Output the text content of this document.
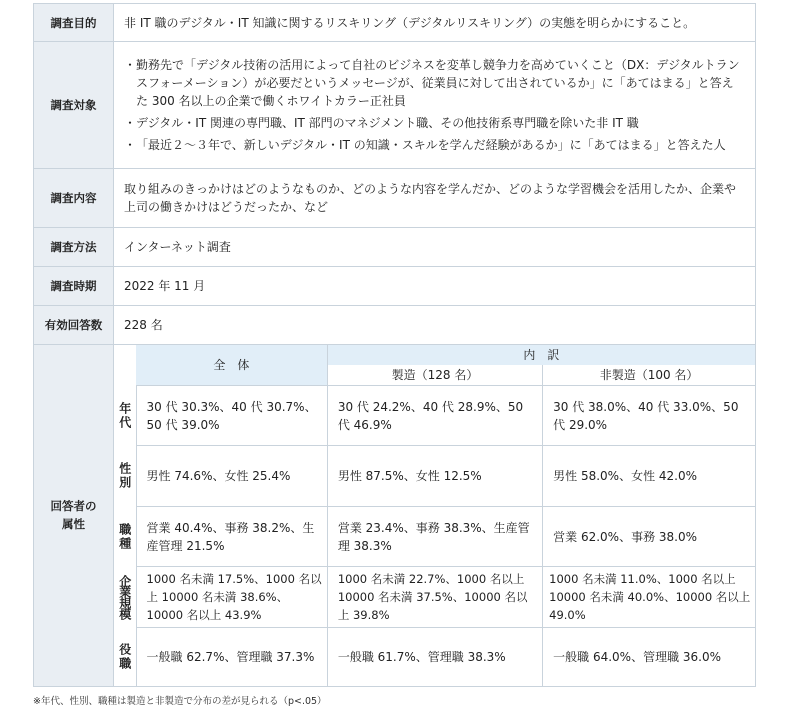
調査目的	非 IT 職のデジタル・IT 知識に関するリスキリング（デジタルリスキリング）の実態を明らかにすること。
調査対象	
・ 勤務先で「デジタル技術の活用によって自社のビジネスを変革し競争力を高めていくこと（DX：デジタルトランスフォーメーション）が必要だというメッセージが、従業員に対して出されているか」に「あてはまる」と答えた 300 名以上の企業で働くホワイトカラー正社員
・ デジタル・IT 関連の専門職、IT 部門のマネジメント職、その他技術系専門職を除いた非 IT 職
・ 「最近２〜３年で、新しいデジタル・IT の知識・スキルを学んだ経験があるか」に「あてはまる」と答えた人

調査内容	取り組みのきっかけはどのようなものか、どのような内容を学んだか、どのような学習機会を活用したか、企業や上司の働きかけはどうだったか、など
調査方法	インターネット調査
調査時期	2022 年 11 月
有効回答数	228 名
回答者の属性	
	全　体	内　訳
製造（128 名）	非製造（100 名）

年代	30 代 30.3%、40 代 30.7%、50 代 39.0%	30 代 24.2%、40 代 28.9%、50 代 46.9%	30 代 38.0%、40 代 33.0%、50 代 29.0%

性別	男性 74.6%、女性 25.4%	男性 87.5%、女性 12.5%	男性 58.0%、女性 42.0%

職種	営業 40.4%、事務 38.2%、生産管理 21.5%	営業 23.4%、事務 38.3%、生産管理 38.3%	営業 62.0%、事務 38.0%

企業規模	1000 名未満 17.5%、1000 名以上 10000 名未満 38.6%、10000 名以上 43.9%	1000 名未満 22.7%、1000 名以上 10000 名未満 37.5%、10000 名以上 39.8%	1000 名未満 11.0%、1000 名以上 10000 名未満 40.0%、10000 名以上 49.0%

役職	一般職 62.7%、管理職 37.3%	一般職 61.7%、管理職 38.3%	一般職 64.0%、管理職 36.0%
※年代、性別、職種は製造と非製造で分布の差が見られる（p<.05）
